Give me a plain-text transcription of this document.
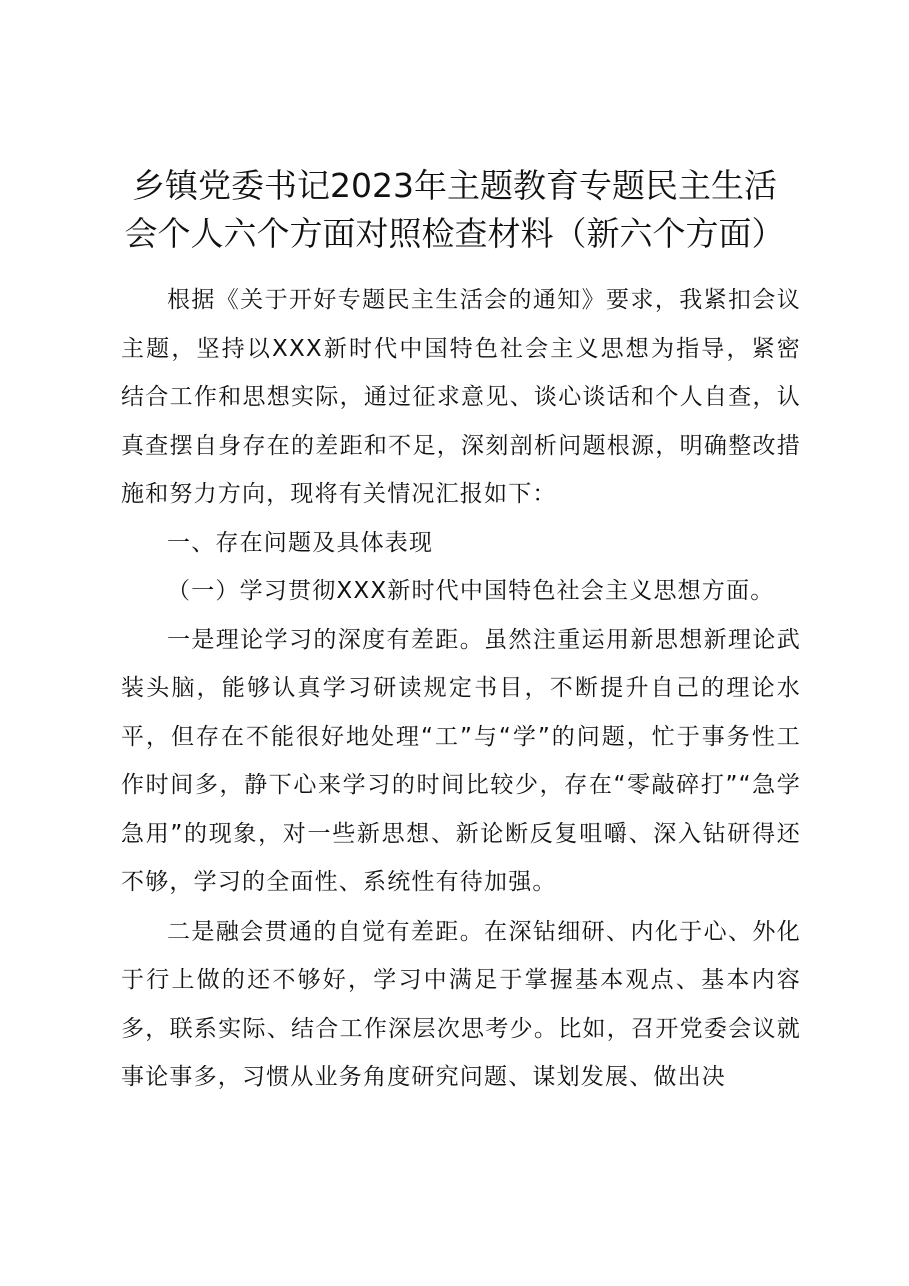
乡镇党委书记2023年主题教育专题民主生活
会个人六个方面对照检查材料（新六个方面）

根据《关于开好专题民主生活会的通知》要求，我紧扣会议主题，坚持以XXX新时代中国特色社会主义思想为指导，紧密结合工作和思想实际，通过征求意见、谈心谈话和个人自查，认真查摆自身存在的差距和不足，深刻剖析问题根源，明确整改措施和努力方向，现将有关情况汇报如下：

一、存在问题及具体表现

（一）学习贯彻XXX新时代中国特色社会主义思想方面。

一是理论学习的深度有差距。虽然注重运用新思想新理论武装头脑，能够认真学习研读规定书目，不断提升自己的理论水平，但存在不能很好地处理“工”与“学”的问题，忙于事务性工作时间多，静下心来学习的时间比较少，存在“零敲碎打”“急学急用”的现象，对一些新思想、新论断反复咀嚼、深入钻研得还不够，学习的全面性、系统性有待加强。

二是融会贯通的自觉有差距。在深钻细研、内化于心、外化于行上做的还不够好，学习中满足于掌握基本观点、基本内容多，联系实际、结合工作深层次思考少。比如，召开党委会议就事论事多，习惯从业务角度研究问题、谋划发展、做出决
